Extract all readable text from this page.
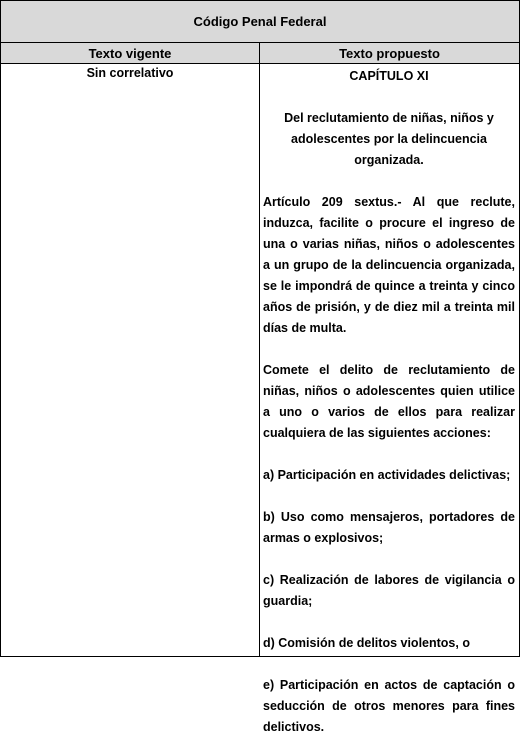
Código Penal Federal
Texto vigente	Texto propuesto
Sin correlativo	CAPÍTULO XI

Del reclutamiento de niñas, niños y adolescentes por la delincuencia organizada.

Artículo 209 sextus.- Al que reclute, induzca, facilite o procure el ingreso de una o varias niñas, niños o adolescentes a un grupo de la delincuencia organizada, se le impondrá de quince a treinta y cinco años de prisión, y de diez mil a treinta mil días de multa.

Comete el delito de reclutamiento de niñas, niños o adolescentes quien utilice a uno o varios de ellos para realizar cualquiera de las siguientes acciones:

a) Participación en actividades delictivas;

b) Uso como mensajeros, portadores de armas o explosivos;

c) Realización de labores de vigilancia o guardia;

d) Comisión de delitos violentos, o

e) Participación en actos de captación o seducción de otros menores para fines delictivos.
